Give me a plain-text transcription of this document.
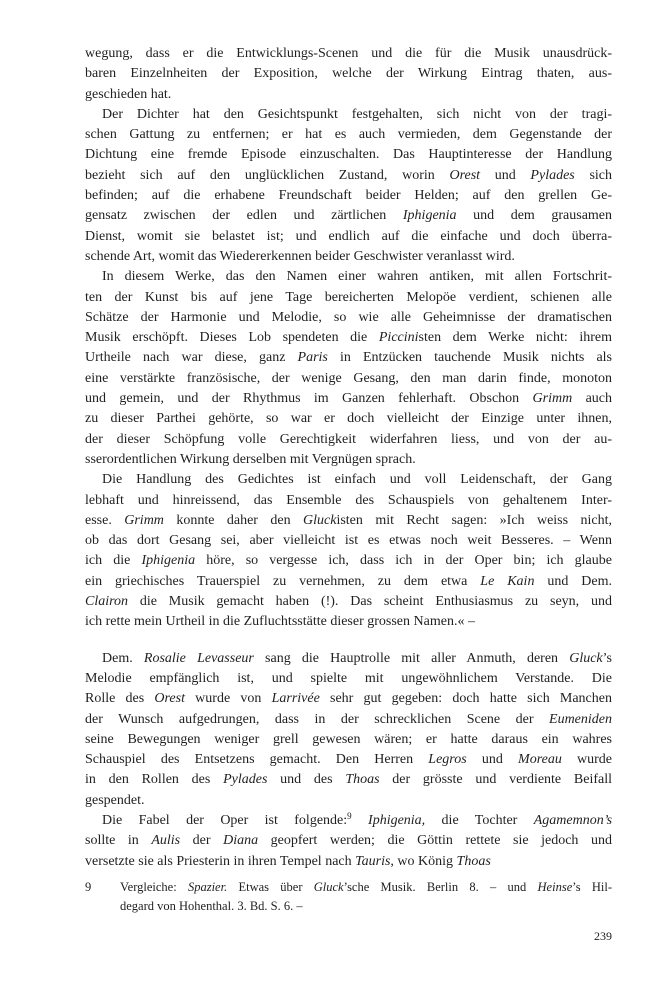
wegung, dass er die Entwicklungs-Scenen und die für die Musik unausdrück-
baren Einzelnheiten der Exposition, welche der Wirkung Eintrag thaten, aus-
geschieden hat.
Der Dichter hat den Gesichtspunkt festgehalten, sich nicht von der tragi-
schen Gattung zu entfernen; er hat es auch vermieden, dem Gegenstande der
Dichtung eine fremde Episode einzuschalten. Das Hauptinteresse der Handlung
bezieht sich auf den unglücklichen Zustand, worin Orest und Pylades sich
befinden; auf die erhabene Freundschaft beider Helden; auf den grellen Ge-
gensatz zwischen der edlen und zärtlichen Iphigenia und dem grausamen
Dienst, womit sie belastet ist; und endlich auf die einfache und doch überra-
schende Art, womit das Wiedererkennen beider Geschwister veranlasst wird.
In diesem Werke, das den Namen einer wahren antiken, mit allen Fortschrit-
ten der Kunst bis auf jene Tage bereicherten Melopöe verdient, schienen alle
Schätze der Harmonie und Melodie, so wie alle Geheimnisse der dramatischen
Musik erschöpft. Dieses Lob spendeten die Piccinisten dem Werke nicht: ihrem
Urtheile nach war diese, ganz Paris in Entzücken tauchende Musik nichts als
eine verstärkte französische, der wenige Gesang, den man darin finde, monoton
und gemein, und der Rhythmus im Ganzen fehlerhaft. Obschon Grimm auch
zu dieser Parthei gehörte, so war er doch vielleicht der Einzige unter ihnen,
der dieser Schöpfung volle Gerechtigkeit widerfahren liess, und von der au-
sserordentlichen Wirkung derselben mit Vergnügen sprach.
Die Handlung des Gedichtes ist einfach und voll Leidenschaft, der Gang
lebhaft und hinreissend, das Ensemble des Schauspiels von gehaltenem Inter-
esse. Grimm konnte daher den Gluckisten mit Recht sagen: »Ich weiss nicht,
ob das dort Gesang sei, aber vielleicht ist es etwas noch weit Besseres. – Wenn
ich die Iphigenia höre, so vergesse ich, dass ich in der Oper bin; ich glaube
ein griechisches Trauerspiel zu vernehmen, zu dem etwa Le Kain und Dem.
Clairon die Musik gemacht haben (!). Das scheint Enthusiasmus zu seyn, und
ich rette mein Urtheil in die Zufluchtsstätte dieser grossen Namen.« –
Dem. Rosalie Levasseur sang die Hauptrolle mit aller Anmuth, deren Gluck’s
Melodie empfänglich ist, und spielte mit ungewöhnlichem Verstande. Die
Rolle des Orest wurde von Larrivée sehr gut gegeben: doch hatte sich Manchen
der Wunsch aufgedrungen, dass in der schrecklichen Scene der Eumeniden
seine Bewegungen weniger grell gewesen wären; er hatte daraus ein wahres
Schauspiel des Entsetzens gemacht. Den Herren Legros und Moreau wurde
in den Rollen des Pylades und des Thoas der grösste und verdiente Beifall
gespendet.
Die Fabel der Oper ist folgende:$^9$ Iphigenia, die Tochter Agamemnon’s
sollte in Aulis der Diana geopfert werden; die Göttin rettete sie jedoch und
versetzte sie als Priesterin in ihren Tempel nach Tauris, wo König Thoas
9 Vergleiche: Spazier. Etwas über Gluck’sche Musik. Berlin 8. – und Heinse’s Hil-
degard von Hohenthal. 3. Bd. S. 6. –
239
